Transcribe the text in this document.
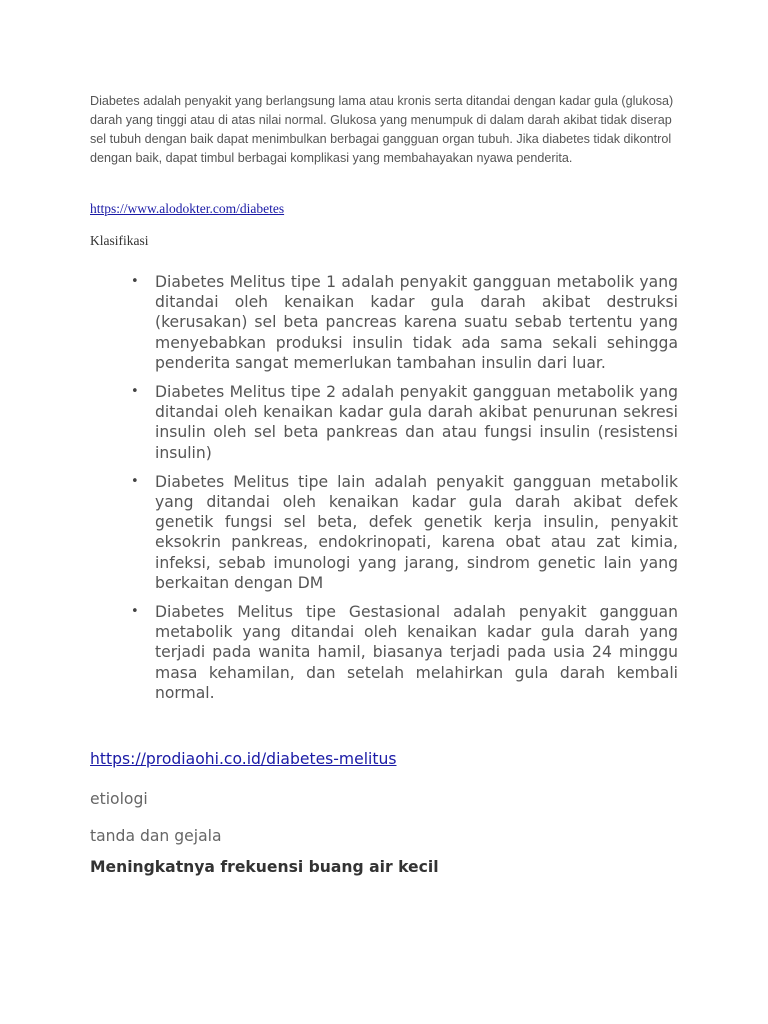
Diabetes adalah penyakit yang berlangsung lama atau kronis serta ditandai dengan kadar gula (glukosa) darah yang tinggi atau di atas nilai normal. Glukosa yang menumpuk di dalam darah akibat tidak diserap sel tubuh dengan baik dapat menimbulkan berbagai gangguan organ tubuh. Jika diabetes tidak dikontrol dengan baik, dapat timbul berbagai komplikasi yang membahayakan nyawa penderita.
https://www.alodokter.com/diabetes
Klasifikasi
• Diabetes Melitus tipe 1 adalah penyakit gangguan metabolik yang ditandai oleh kenaikan kadar gula darah akibat destruksi (kerusakan) sel beta pancreas karena suatu sebab tertentu yang menyebabkan produksi insulin tidak ada sama sekali sehingga penderita sangat memerlukan tambahan insulin dari luar.
• Diabetes Melitus tipe 2 adalah penyakit gangguan metabolik yang ditandai oleh kenaikan kadar gula darah akibat penurunan sekresi insulin oleh sel beta pankreas dan atau fungsi insulin (resistensi insulin)
• Diabetes Melitus tipe lain adalah penyakit gangguan metabolik yang ditandai oleh kenaikan kadar gula darah akibat defek genetik fungsi sel beta, defek genetik kerja insulin, penyakit eksokrin pankreas, endokrinopati, karena obat atau zat kimia, infeksi, sebab imunologi yang jarang, sindrom genetic lain yang berkaitan dengan DM
• Diabetes Melitus tipe Gestasional adalah penyakit gangguan metabolik yang ditandai oleh kenaikan kadar gula darah yang terjadi pada wanita hamil, biasanya terjadi pada usia 24 minggu masa kehamilan, dan setelah melahirkan gula darah kembali normal.
https://prodiaohi.co.id/diabetes-melitus
etiologi
tanda dan gejala
Meningkatnya frekuensi buang air kecil
